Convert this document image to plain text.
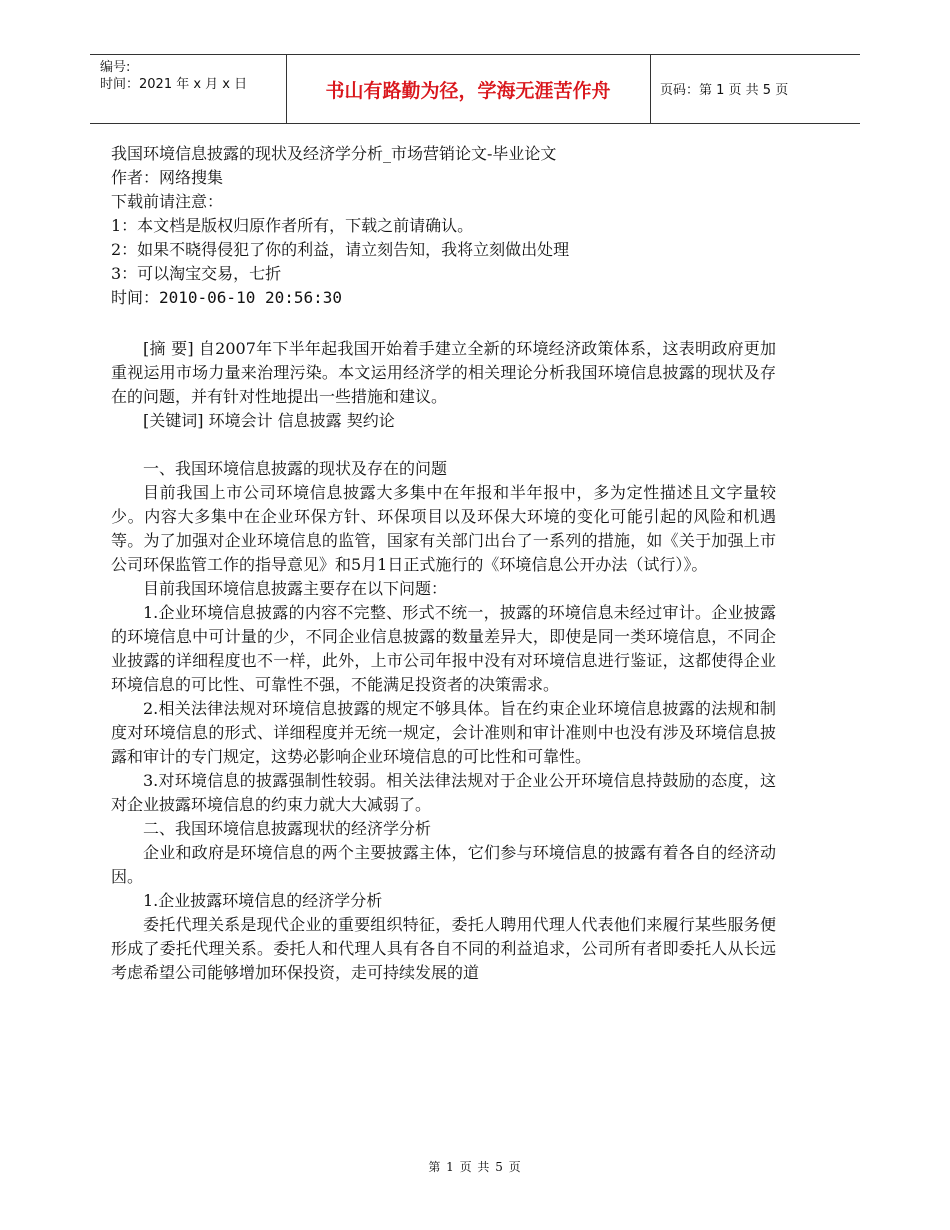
编号:
时间：2021 年 x 月 x 日	书山有路勤为径，学海无涯苦作舟	页码：第 1 页 共 5 页
我国环境信息披露的现状及经济学分析_市场营销论文-毕业论文
作者：网络搜集
下载前请注意：
1：本文档是版权归原作者所有，下载之前请确认。
2：如果不晓得侵犯了你的利益，请立刻告知，我将立刻做出处理
3：可以淘宝交易，七折
时间：2010-06-10 20:56:30

[摘 要] 自2007年下半年起我国开始着手建立全新的环境经济政策体系，这表明政府更加重视运用市场力量来治理污染。本文运用经济学的相关理论分析我国环境信息披露的现状及存在的问题，并有针对性地提出一些措施和建议。

[关键词] 环境会计 信息披露 契约论

一、我国环境信息披露的现状及存在的问题

目前我国上市公司环境信息披露大多集中在年报和半年报中，多为定性描述且文字量较少。内容大多集中在企业环保方针、环保项目以及环保大环境的变化可能引起的风险和机遇等。为了加强对企业环境信息的监管，国家有关部门出台了一系列的措施，如《关于加强上市公司环保监管工作的指导意见》和5月1日正式施行的《环境信息公开办法（试行）》。

目前我国环境信息披露主要存在以下问题：

1.企业环境信息披露的内容不完整、形式不统一，披露的环境信息未经过审计。企业披露的环境信息中可计量的少，不同企业信息披露的数量差异大，即使是同一类环境信息，不同企业披露的详细程度也不一样，此外，上市公司年报中没有对环境信息进行鉴证，这都使得企业环境信息的可比性、可靠性不强，不能满足投资者的决策需求。

2.相关法律法规对环境信息披露的规定不够具体。旨在约束企业环境信息披露的法规和制度对环境信息的形式、详细程度并无统一规定，会计准则和审计准则中也没有涉及环境信息披露和审计的专门规定，这势必影响企业环境信息的可比性和可靠性。

3.对环境信息的披露强制性较弱。相关法律法规对于企业公开环境信息持鼓励的态度，这对企业披露环境信息的约束力就大大减弱了。

二、我国环境信息披露现状的经济学分析

企业和政府是环境信息的两个主要披露主体，它们参与环境信息的披露有着各自的经济动因。

1.企业披露环境信息的经济学分析

委托代理关系是现代企业的重要组织特征，委托人聘用代理人代表他们来履行某些服务便形成了委托代理关系。委托人和代理人具有各自不同的利益追求，公司所有者即委托人从长远考虑希望公司能够增加环保投资，走可持续发展的道

第 1 页 共 5 页
